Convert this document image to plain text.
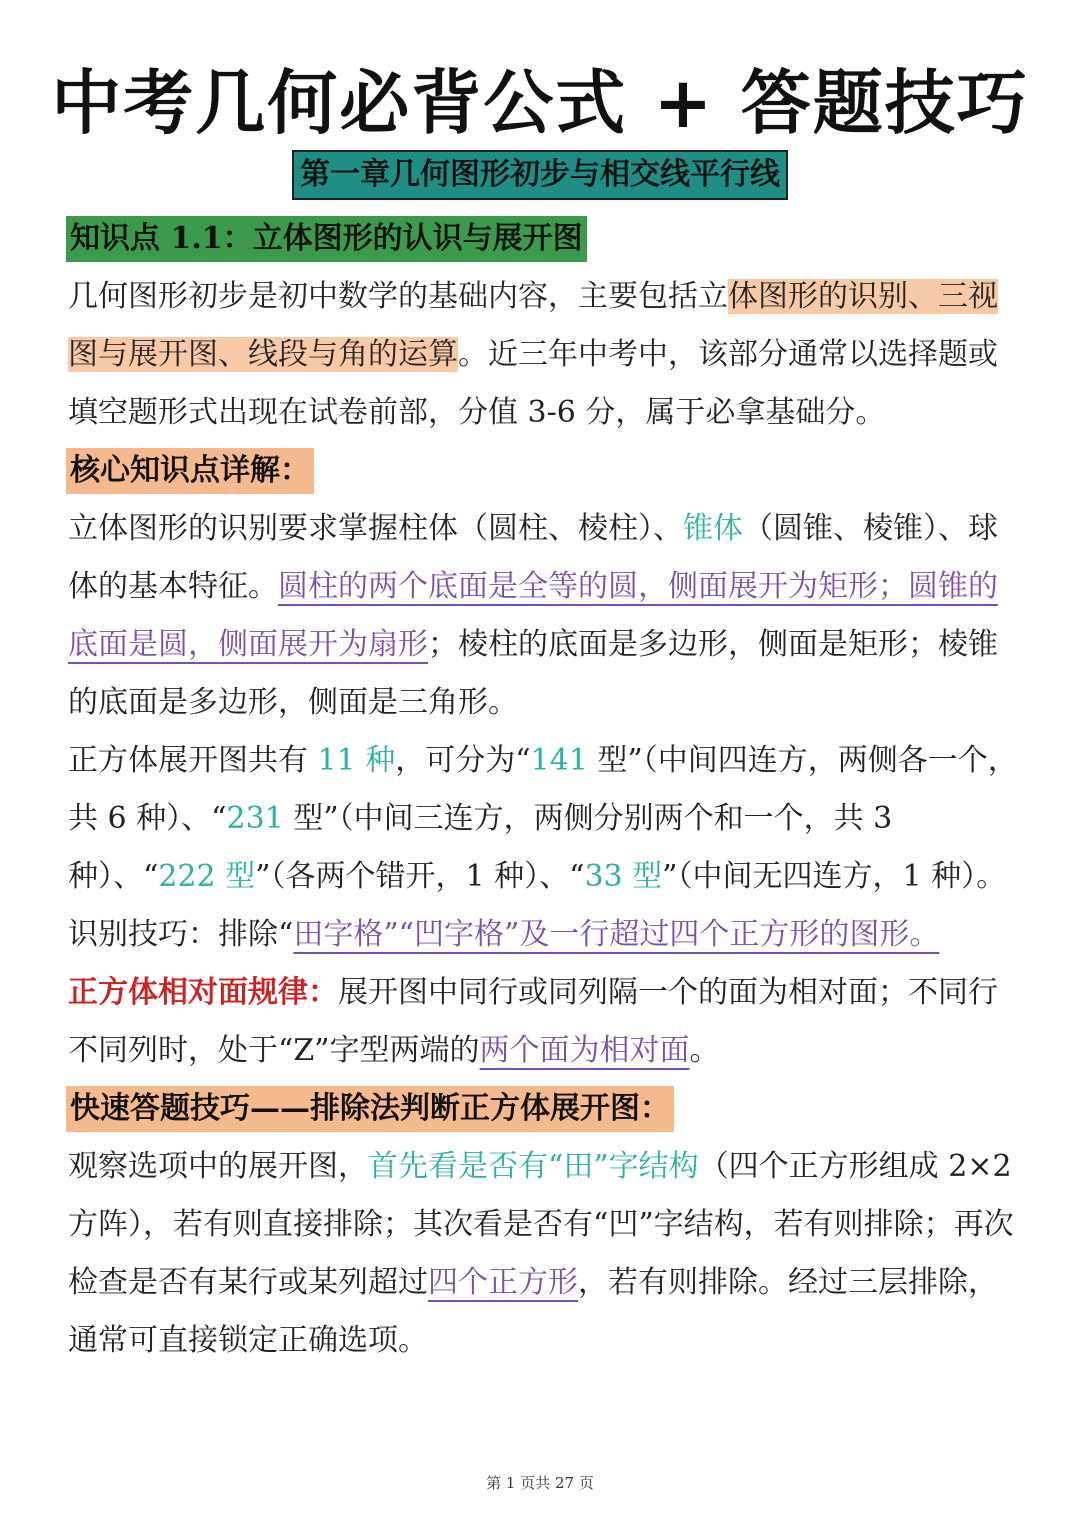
中考几何必背公式 + 答题技巧
第一章几何图形初步与相交线平行线
知识点 1.1：立体图形的认识与展开图

几何图形初步是初中数学的基础内容，主要包括立体图形的识别、三视图与展开图、线段与角的运算。近三年中考中，该部分通常以选择题或填空题形式出现在试卷前部，分值 3-6 分，属于必拿基础分。

核心知识点详解：

立体图形的识别要求掌握柱体（圆柱、棱柱）、锥体（圆锥、棱锥）、球体的基本特征。圆柱的两个底面是全等的圆，侧面展开为矩形；圆锥的底面是圆，侧面展开为扇形；棱柱的底面是多边形，侧面是矩形；棱锥的底面是多边形，侧面是三角形。

正方体展开图共有 11 种，可分为“141 型”（中间四连方，两侧各一个，共 6 种）、“231 型”（中间三连方，两侧分别两个和一个，共 3 种）、“222 型”（各两个错开，1 种）、“33 型”（中间无四连方，1 种）。识别技巧：排除“田字格”“凹字格”及一行超过四个正方形的图形。

正方体相对面规律：展开图中同行或同列隔一个的面为相对面；不同行不同列时，处于“Z”字型两端的两个面为相对面。

快速答题技巧——排除法判断正方体展开图：

观察选项中的展开图，首先看是否有“田”字结构（四个正方形组成 2×2 方阵），若有则直接排除；其次看是否有“凹”字结构，若有则排除；再次检查是否有某行或某列超过四个正方形，若有则排除。经过三层排除，通常可直接锁定正确选项。

第 1 页共 27 页
